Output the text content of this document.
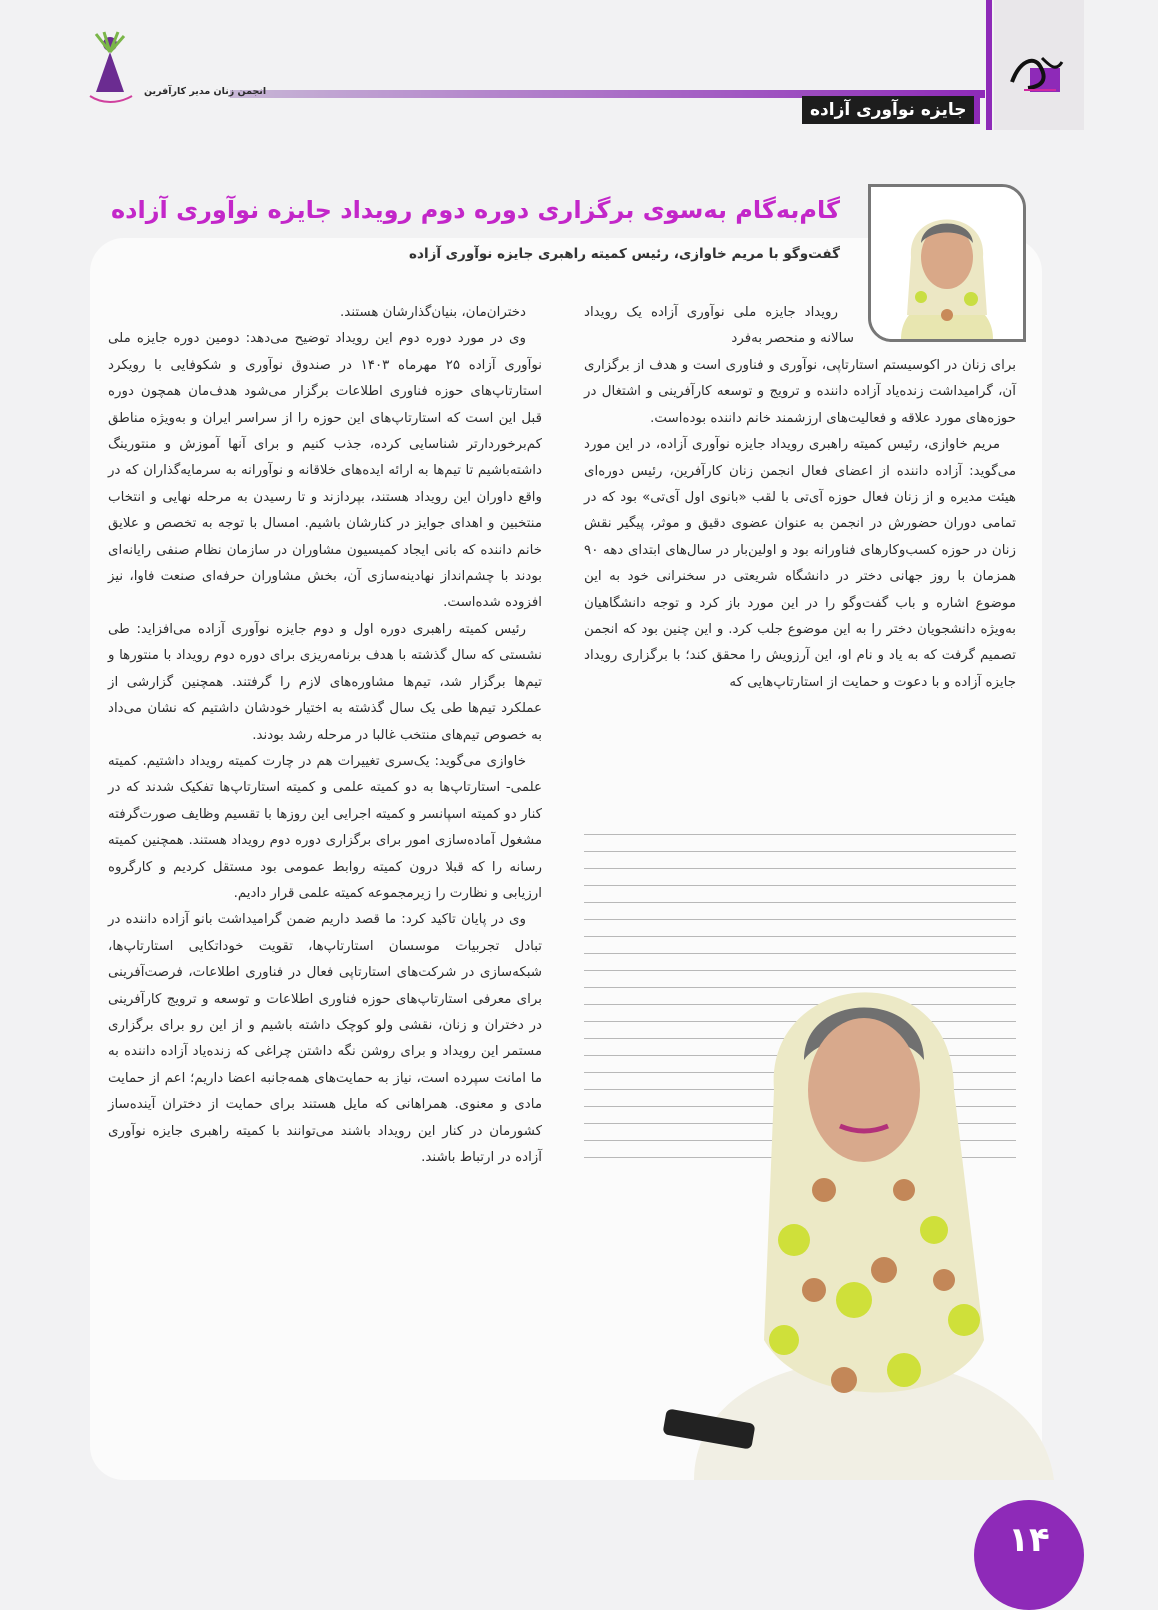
جایزه نوآوری آزاده
انجمن زنان مدیر کارآفرین
گام‌به‌گام به‌سوی برگزاری دوره دوم رویداد جایزه نوآوری آزاده
گفت‌وگو با مریم خاوازی، رئیس کمیته راهبری جایزه نوآوری آزاده

رویداد جایزه ملی نوآوری آزاده یک رویداد سالانه و منحصر به‌فرد

برای زنان در اکوسیستم استارتاپی، نوآوری و فناوری است و هدف از برگزاری آن، گرامیداشت زنده‌یاد آزاده داننده و ترویج و توسعه کارآفرینی و اشتغال در حوزه‌های مورد علاقه و فعالیت‌های ارزشمند خانم داننده بوده‌است.

مریم خاوازی، رئیس کمیته راهبری رویداد جایزه نوآوری آزاده، در این مورد می‌گوید: آزاده داننده از اعضای فعال انجمن زنان کارآفرین، رئیس دوره‌ای هیئت مدیره و از زنان فعال حوزه آی‌تی با لقب «بانوی اول آی‌تی» بود که در تمامی دوران حضورش در انجمن به عنوان عضوی دقیق و موثر، پیگیر نقش زنان در حوزه کسب‌وکارهای فناورانه بود و اولین‌بار در سال‌های ابتدای دهه ۹۰ همزمان با روز جهانی دختر در دانشگاه شریعتی در سخنرانی خود به این موضوع اشاره و باب گفت‌وگو را در این مورد باز کرد و توجه دانشگاهیان به‌ویژه دانشجویان دختر را به این موضوع جلب کرد. و این چنین بود که انجمن تصمیم گرفت که به یاد و نام او، این آرزویش را محقق کند؛ با برگزاری رویداد جایزه آزاده و با دعوت و حمایت از استارتاپ‌هایی که

دختران‌مان، بنیان‌گذارشان هستند.

وی در مورد دوره دوم این رویداد توضیح می‌دهد: دومین دوره جایزه ملی نوآوری آزاده ۲۵ مهرماه ۱۴۰۳ در صندوق نوآوری و شکوفایی با رویکرد استارتاپ‌های حوزه فناوری اطلاعات برگزار می‌شود هدف‌مان همچون دوره قبل این است که استارتاپ‌های این حوزه را از سراسر ایران و به‌ویژه مناطق کم‌برخوردارتر شناسایی کرده، جذب کنیم و برای آنها آموزش و منتورینگ داشته‌باشیم تا تیم‌ها به ارائه ایده‌های خلاقانه و نوآورانه به سرمایه‌گذاران که در واقع داوران این رویداد هستند، بپردازند و تا رسیدن به مرحله نهایی و انتخاب منتخبین و اهدای جوایز در کنارشان باشیم. امسال با توجه به تخصص و علایق خانم داننده که بانی ایجاد کمیسیون مشاوران در سازمان نظام صنفی رایانه‌ای بودند با چشم‌انداز نهادینه‌سازی آن، بخش مشاوران حرفه‌ای صنعت فاوا، نیز افزوده شده‌است.

رئیس کمیته راهبری دوره اول و دوم جایزه نوآوری آزاده می‌افزاید: طی نشستی که سال گذشته با هدف برنامه‌ریزی برای دوره دوم رویداد با منتورها و تیم‌ها برگزار شد، تیم‌ها مشاوره‌های لازم را گرفتند. همچنین گزارشی از عملکرد تیم‌ها طی یک سال گذشته به اختیار خودشان داشتیم که نشان می‌داد به خصوص تیم‌های منتخب غالبا در مرحله رشد بودند.

خاوازی می‌گوید: یک‌سری تغییرات هم در چارت کمیته رویداد داشتیم. کمیته علمی- استارتاپ‌ها به دو کمیته علمی و کمیته استارتاپ‌ها تفکیک شدند که در کنار دو کمیته اسپانسر و کمیته اجرایی این روزها با تقسیم وظایف صورت‌گرفته مشغول آماده‌سازی امور برای برگزاری دوره دوم رویداد هستند. همچنین کمیته رسانه را که قبلا درون کمیته روابط عمومی بود مستقل کردیم و کارگروه ارزیابی و نظارت را زیرمجموعه کمیته علمی قرار دادیم.

وی در پایان تاکید کرد: ما قصد داریم ضمن گرامیداشت بانو آزاده داننده در تبادل تجربیات موسسان استارتاپ‌ها، تقویت خوداتکایی استارتاپ‌ها، شبکه‌سازی در شرکت‌های استارتاپی فعال در فناوری اطلاعات، فرصت‌آفرینی برای معرفی استارتاپ‌های حوزه فناوری اطلاعات و توسعه و ترویج کارآفرینی در دختران و زنان، نقشی ولو کوچک داشته باشیم و از این رو برای برگزاری مستمر این رویداد و برای روشن نگه داشتن چراغی که زنده‌یاد آزاده داننده به ما امانت سپرده است، نیاز به حمایت‌های همه‌جانبه اعضا داریم؛ اعم از حمایت مادی و معنوی. همراهانی که مایل هستند برای حمایت از دختران آینده‌ساز کشورمان در کنار این رویداد باشند می‌توانند با کمیته راهبری جایزه نوآوری آزاده در ارتباط باشند.

۱۴
